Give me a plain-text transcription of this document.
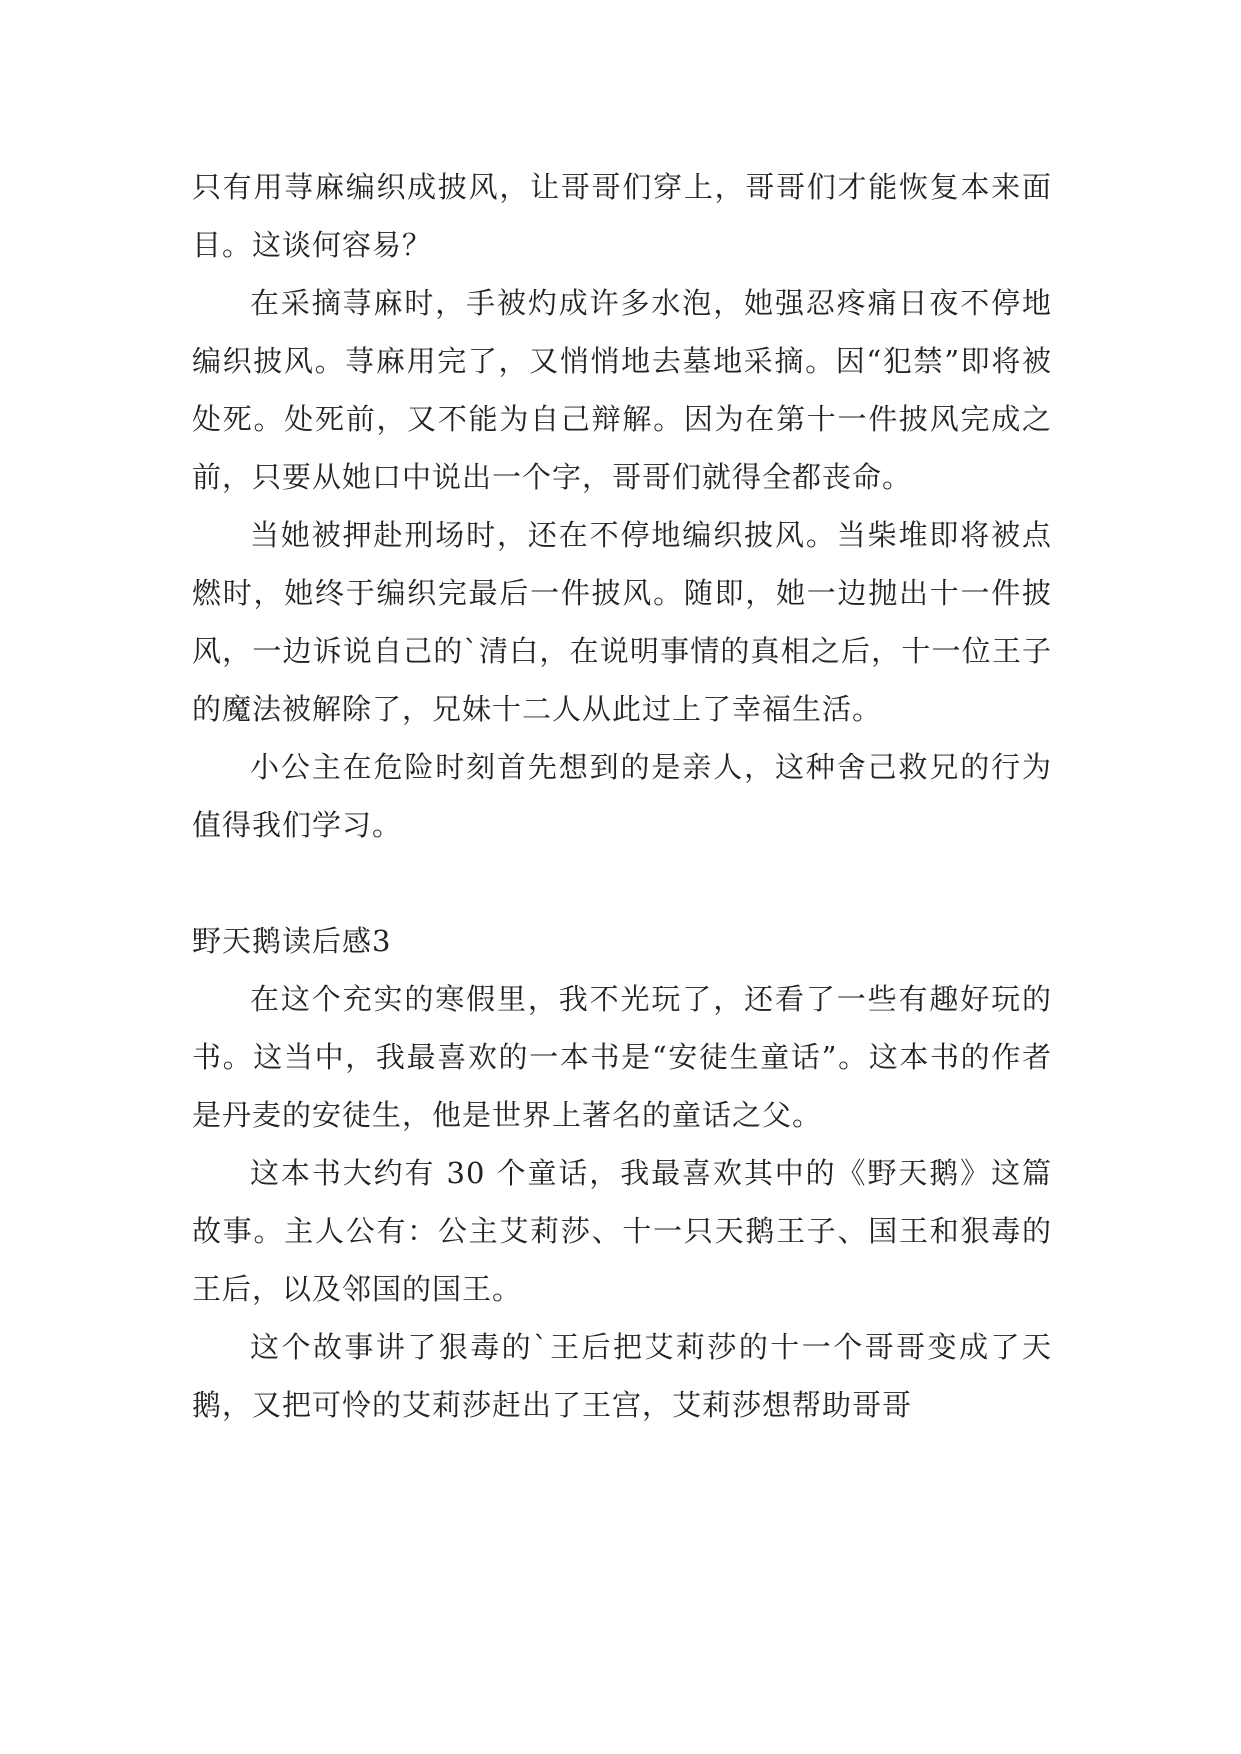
只有用荨麻编织成披风，让哥哥们穿上，哥哥们才能恢复本来面目。这谈何容易？

在采摘荨麻时，手被灼成许多水泡，她强忍疼痛日夜不停地编织披风。荨麻用完了，又悄悄地去墓地采摘。因“犯禁”即将被处死。处死前，又不能为自己辩解。因为在第十一件披风完成之前，只要从她口中说出一个字，哥哥们就得全都丧命。

当她被押赴刑场时，还在不停地编织披风。当柴堆即将被点燃时，她终于编织完最后一件披风。随即，她一边抛出十一件披风，一边诉说自己的`清白，在说明事情的真相之后，十一位王子的魔法被解除了，兄妹十二人从此过上了幸福生活。

小公主在危险时刻首先想到的是亲人，这种舍己救兄的行为值得我们学习。

野天鹅读后感3

在这个充实的寒假里，我不光玩了，还看了一些有趣好玩的书。这当中，我最喜欢的一本书是“安徒生童话”。这本书的作者是丹麦的安徒生，他是世界上著名的童话之父。

这本书大约有 30 个童话，我最喜欢其中的《野天鹅》这篇故事。主人公有：公主艾莉莎、十一只天鹅王子、国王和狠毒的王后，以及邻国的国王。

这个故事讲了狠毒的`王后把艾莉莎的十一个哥哥变成了天鹅，又把可怜的艾莉莎赶出了王宫，艾莉莎想帮助哥哥
